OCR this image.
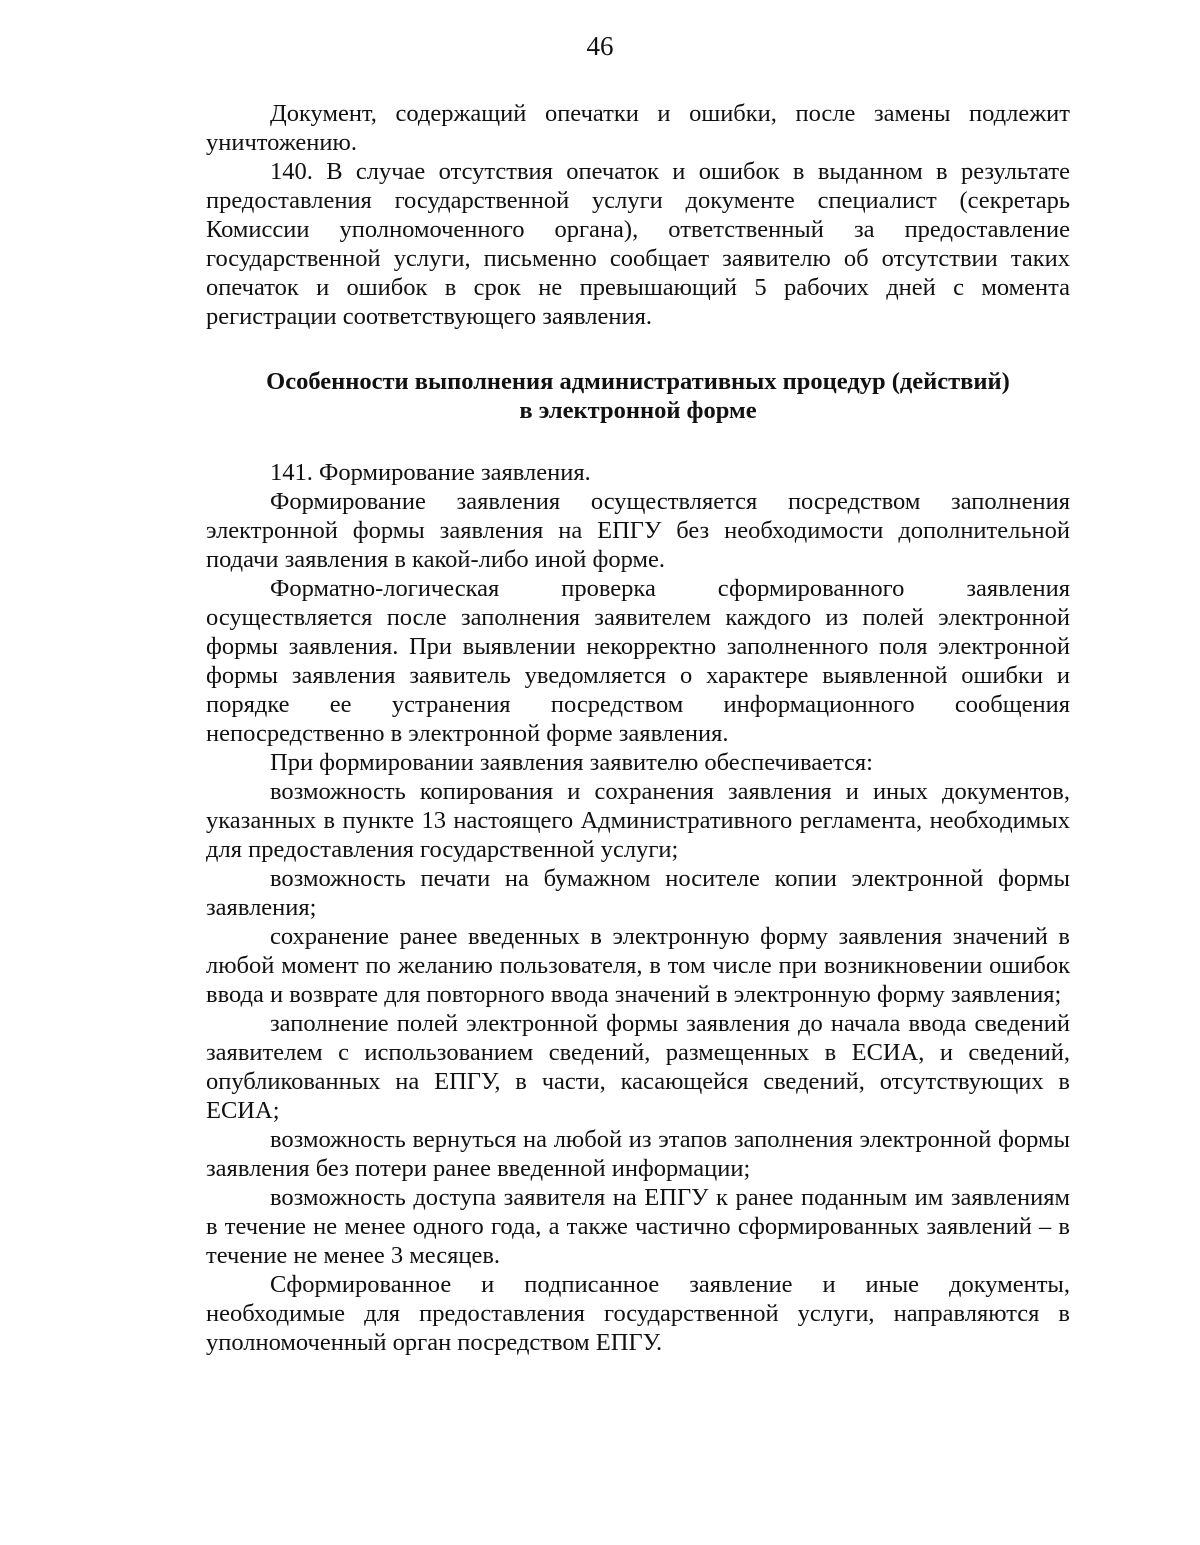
46

Документ, содержащий опечатки и ошибки, после замены подлежит уничтожению.

140. В случае отсутствия опечаток и ошибок в выданном в результате предоставления государственной услуги документе специалист (секретарь Комиссии уполномоченного органа), ответственный за предоставление государственной услуги, письменно сообщает заявителю об отсутствии таких опечаток и ошибок в срок не превышающий 5 рабочих дней с момента регистрации соответствующего заявления.

Особенности выполнения административных процедур (действий)
в электронной форме

141. Формирование заявления.

Формирование заявления осуществляется посредством заполнения электронной формы заявления на ЕПГУ без необходимости дополнительной подачи заявления в какой-либо иной форме.

Форматно-логическая проверка сформированного заявления осуществляется после заполнения заявителем каждого из полей электронной формы заявления. При выявлении некорректно заполненного поля электронной формы заявления заявитель уведомляется о характере выявленной ошибки и порядке ее устранения посредством информационного сообщения непосредственно в электронной форме заявления.

При формировании заявления заявителю обеспечивается:

возможность копирования и сохранения заявления и иных документов, указанных в пункте 13 настоящего Административного регламента, необходимых для предоставления государственной услуги;

возможность печати на бумажном носителе копии электронной формы заявления;

сохранение ранее введенных в электронную форму заявления значений в любой момент по желанию пользователя, в том числе при возникновении ошибок ввода и возврате для повторного ввода значений в электронную форму заявления;

заполнение полей электронной формы заявления до начала ввода сведений заявителем с использованием сведений, размещенных в ЕСИА, и сведений, опубликованных на ЕПГУ, в части, касающейся сведений, отсутствующих в ЕСИА;

возможность вернуться на любой из этапов заполнения электронной формы заявления без потери ранее введенной информации;

возможность доступа заявителя на ЕПГУ к ранее поданным им заявлениям в течение не менее одного года, а также частично сформированных заявлений – в течение не менее 3 месяцев.

Сформированное и подписанное заявление и иные документы, необходимые для предоставления государственной услуги, направляются в уполномоченный орган посредством ЕПГУ.
